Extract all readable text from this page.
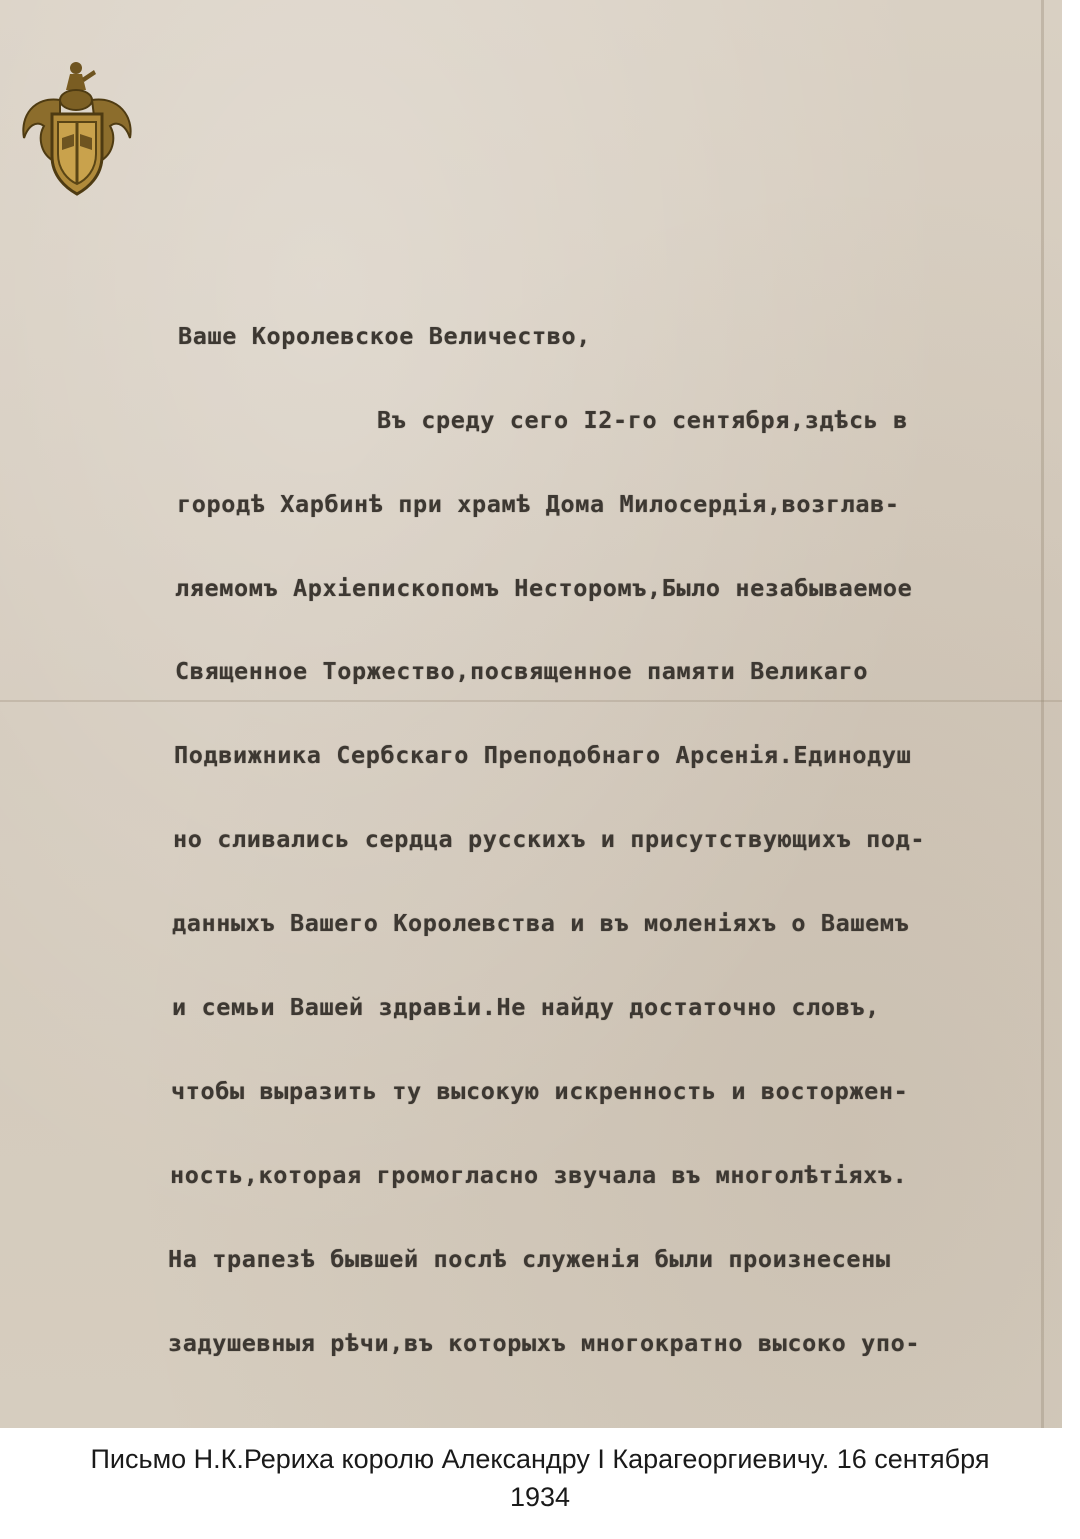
Ваше Королевское Величество,
Въ среду сего I2-го сентября,здѣсь в
городѣ Харбинѣ при храмѣ Дома Милосердія,возглав-
ляемомъ Архіепископомъ Несторомъ,Было незабываемое
Священное Торжество,посвященное памяти Великаго
Подвижника Сербскаго Преподобнаго Арсенія.Единодуш
но сливались сердца русскихъ и присутствующихъ под-
данныхъ Вашего Королевства и въ моленіяхъ о Вашемъ
и семьи Вашей здравіи.Не найду достаточно словъ,
чтобы выразить ту высокую искренность и восторжен-
ность,которая громогласно звучала въ многолѣтіяхъ.
На трапезѣ бывшей послѣ служенія были произнесены
задушевныя рѣчи,въ которыхъ многократно высоко упо-
Письмо Н.К.Рериха королю Александру I Карагеоргиевичу. 16 сентября 1934
